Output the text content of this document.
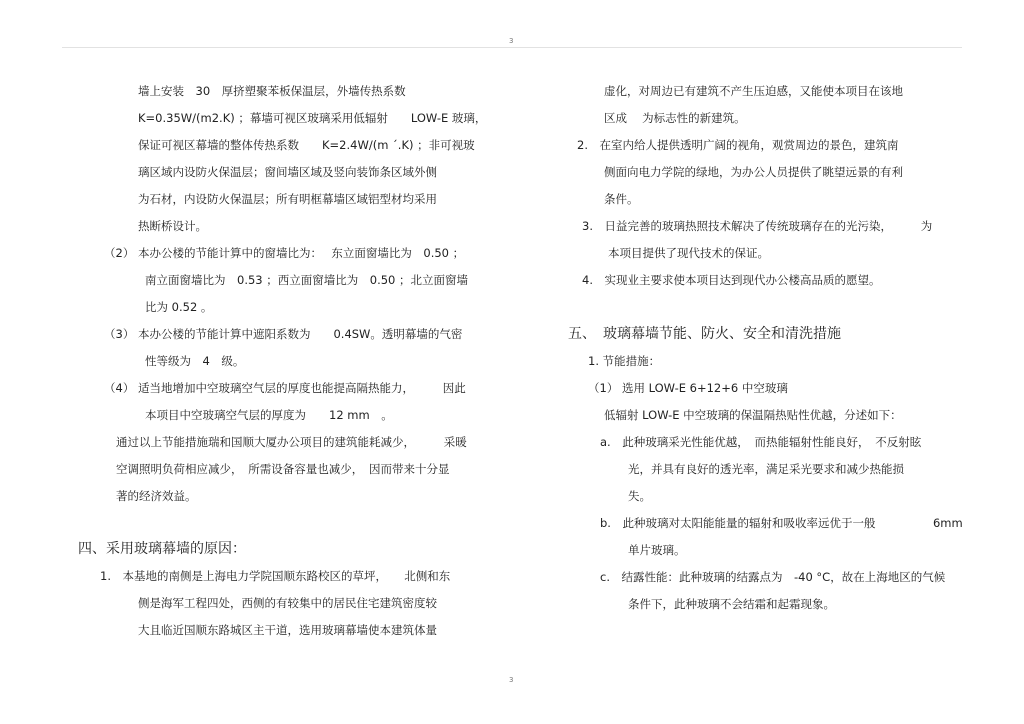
3
墙上安装　30　厚挤塑聚苯板保温层，外墙传热系数
K=0.35W/(m2.K) ；幕墙可视区玻璃采用低辐射　　LOW-E 玻璃，
保证可视区幕墙的整体传热系数　　K=2.4W/(m ´.K) ；非可视玻
璃区域内设防火保温层；窗间墙区域及竖向装饰条区域外侧
为石材，内设防火保温层；所有明框幕墙区域铝型材均采用
热断桥设计。
（2） 本办公楼的节能计算中的窗墙比为：　 东立面窗墙比为　0.50 ；
南立面窗墙比为　0.53 ；西立面窗墙比为　0.50 ；北立面窗墙
比为 0.52 。
（3） 本办公楼的节能计算中遮阳系数为　　0.4SW。透明幕墙的气密
性等级为　4　级。
（4） 适当地增加中空玻璃空气层的厚度也能提高隔热能力，　　　因此
本项目中空玻璃空气层的厚度为　　12 mm　。
通过以上节能措施瑞和国顺大厦办公项目的建筑能耗减少，　　　采暖
空调照明负荷相应减少，　所需设备容量也减少，　因而带来十分显
著的经济效益。
四、采用玻璃幕墙的原因：
1.　本基地的南侧是上海电力学院国顺东路校区的草坪，　　北侧和东
侧是海军工程四处，西侧的有较集中的居民住宅建筑密度较
大且临近国顺东路城区主干道，选用玻璃幕墙使本建筑体量
虚化，对周边已有建筑不产生压迫感，又能使本项目在该地
区成　 为标志性的新建筑。
2.　在室内给人提供透明广阔的视角，观赏周边的景色，建筑南
侧面向电力学院的绿地，为办公人员提供了眺望远景的有利
条件。
3.　日益完善的玻璃热照技术解决了传统玻璃存在的光污染，　　　为
本项目提供了现代技术的保证。
4.　实现业主要求使本项目达到现代办公楼高品质的愿望。
五、　玻璃幕墙节能、防火、安全和清洗措施
1. 节能措施：
（1） 选用 LOW-E 6+12+6 中空玻璃
低辐射 LOW-E 中空玻璃的保温隔热贴性优越，分述如下：
a.　此种玻璃采光性能优越，　而热能辐射性能良好，　不反射眩
光，并具有良好的透光率，满足采光要求和减少热能损
失。
b.　此种玻璃对太阳能能量的辐射和吸收率远优于一般　　　　　6mm
单片玻璃。
c.　结露性能：此种玻璃的结露点为　-40 °C，故在上海地区的气候
条件下，此种玻璃不会结霜和起霜现象。
3
